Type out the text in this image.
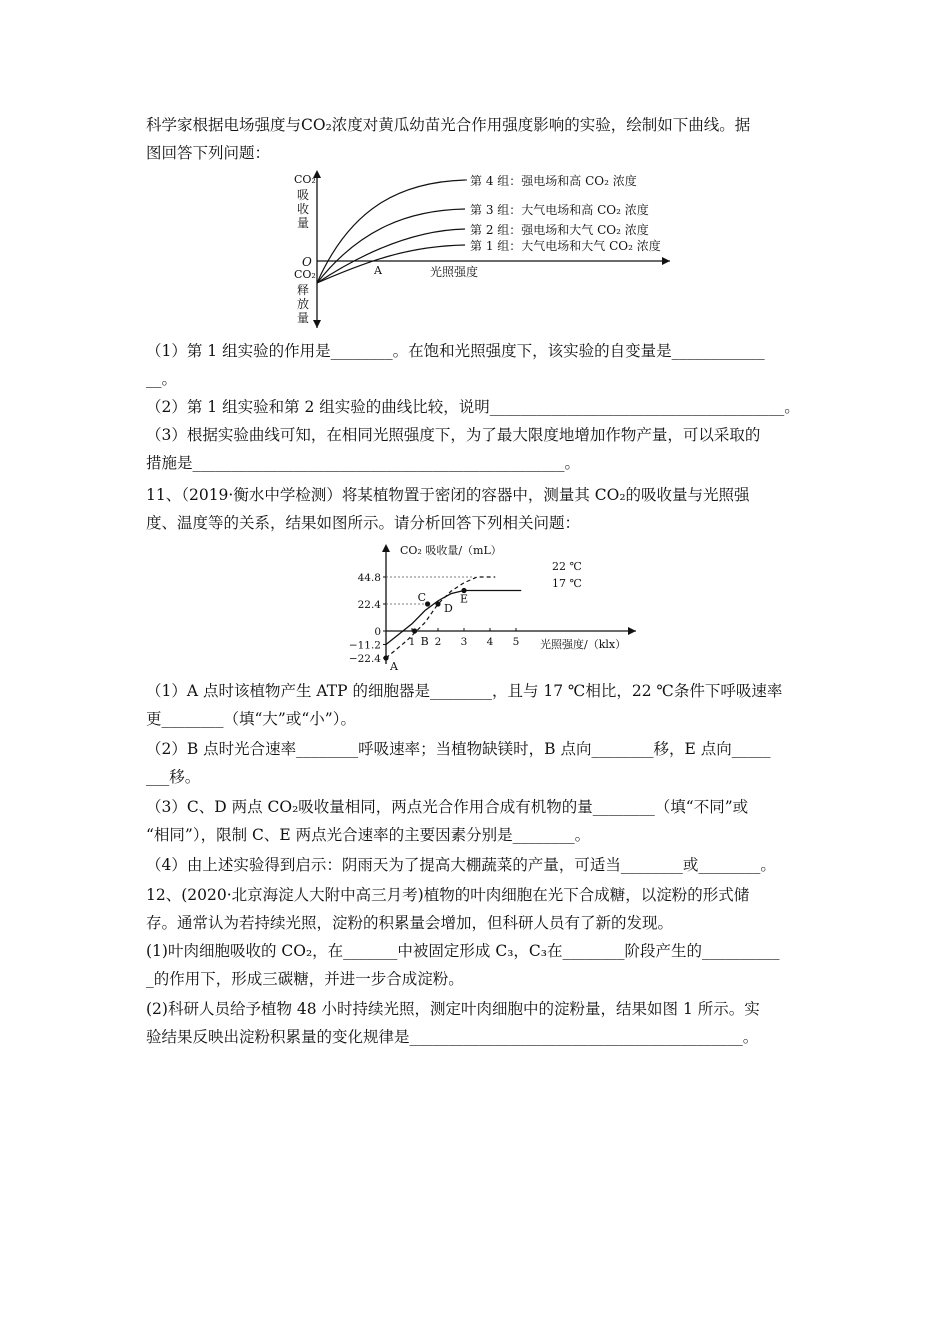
科学家根据电场强度与CO₂浓度对黄瓜幼苗光合作用强度影响的实验，绘制如下曲线。据
图回答下列问题：
CO₂
吸
收
量
O
CO₂
释
放
量
A	光照强度
第 4 组：强电场和高 CO₂ 浓度
第 3 组：大气电场和高 CO₂ 浓度
第 2 组：强电场和大气 CO₂ 浓度
第 1 组：大气电场和大气 CO₂ 浓度
（1）第 1 组实验的作用是________。在饱和光照强度下，该实验的自变量是____________
__。
（2）第 1 组实验和第 2 组实验的曲线比较，说明______________________________________。
（3）根据实验曲线可知，在相同光照强度下，为了最大限度地增加作物产量，可以采取的
措施是________________________________________________。
11、（2019·衡水中学检测）将某植物置于密闭的容器中，测量其 CO₂的吸收量与光照强
度、温度等的关系，结果如图所示。请分析回答下列相关问题：
44.8
22.4
0
−11.2
−22.4
1 2 3 4 5
A
B
C
D
E
CO₂ 吸收量/（mL）
光照强度/（klx）
22 ℃
17 ℃
（1）A 点时该植物产生 ATP 的细胞器是________，且与 17 ℃相比，22 ℃条件下呼吸速率
更________（填“大”或“小”）。
（2）B 点时光合速率________呼吸速率；当植物缺镁时，B 点向________移，E 点向_____
___移。
（3）C、D 两点 CO₂吸收量相同，两点光合作用合成有机物的量________（填“不同”或
“相同”），限制 C、E 两点光合速率的主要因素分别是________。
（4）由上述实验得到启示：阴雨天为了提高大棚蔬菜的产量，可适当________或________。
12、(2020·北京海淀人大附中高三月考)植物的叶肉细胞在光下合成糖，以淀粉的形式储
存。通常认为若持续光照，淀粉的积累量会增加，但科研人员有了新的发现。
(1)叶肉细胞吸收的 CO₂，在_______中被固定形成 C₃，C₃在________阶段产生的__________
_的作用下，形成三碳糖，并进一步合成淀粉。
(2)科研人员给予植物 48 小时持续光照，测定叶肉细胞中的淀粉量，结果如图 1 所示。实
验结果反映出淀粉积累量的变化规律是___________________________________________。
